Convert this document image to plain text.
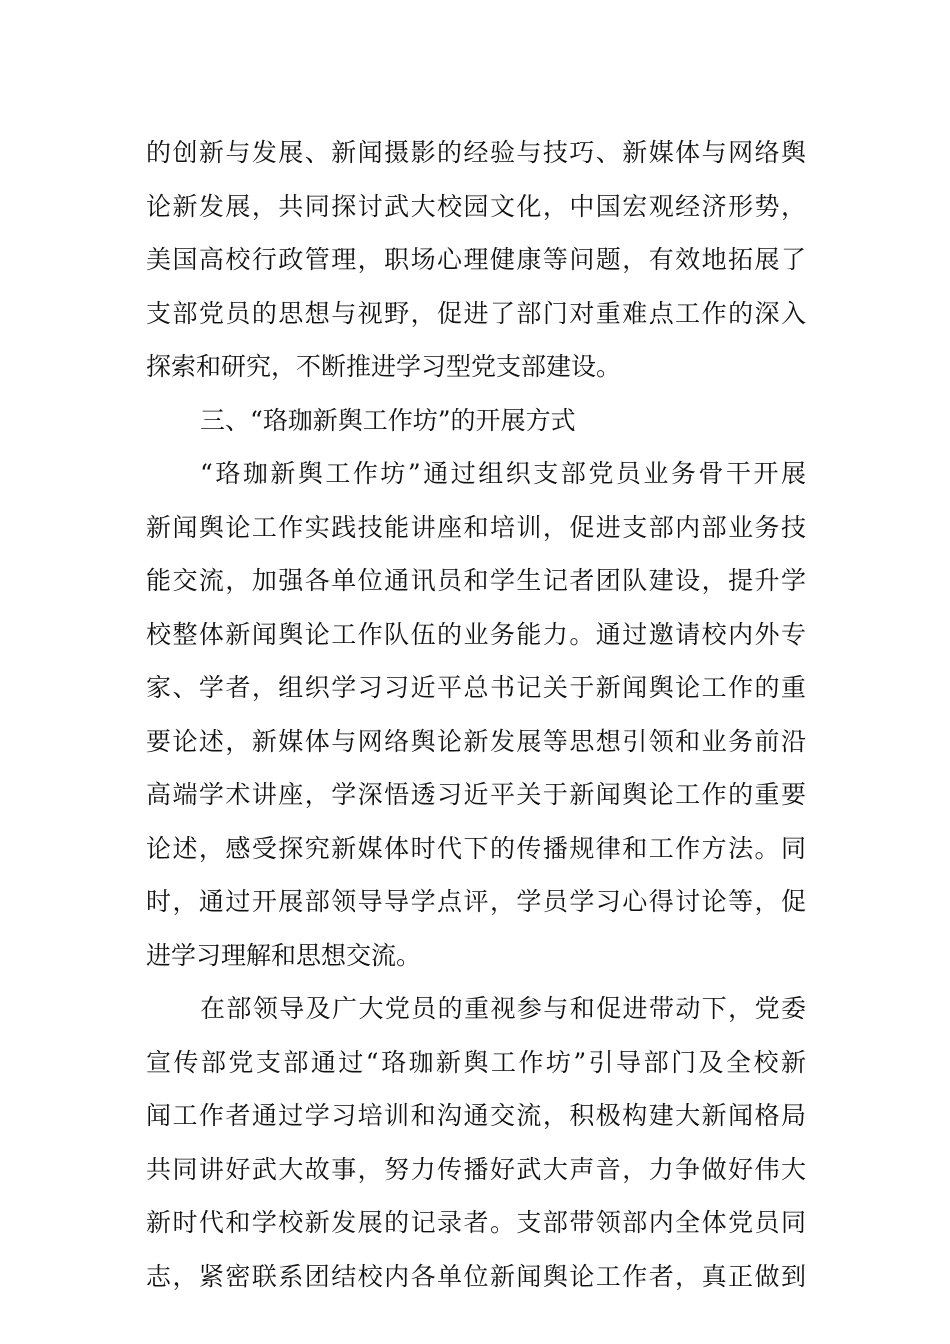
的创新与发展、新闻摄影的经验与技巧、新媒体与网络舆
论新发展，共同探讨武大校园文化，中国宏观经济形势，
美国高校行政管理，职场心理健康等问题，有效地拓展了
支部党员的思想与视野，促进了部门对重难点工作的深入
探索和研究，不断推进学习型党支部建设。
三、“珞珈新舆工作坊”的开展方式
“珞珈新舆工作坊”通过组织支部党员业务骨干开展
新闻舆论工作实践技能讲座和培训，促进支部内部业务技
能交流，加强各单位通讯员和学生记者团队建设，提升学
校整体新闻舆论工作队伍的业务能力。通过邀请校内外专
家、学者，组织学习习近平总书记关于新闻舆论工作的重
要论述，新媒体与网络舆论新发展等思想引领和业务前沿
高端学术讲座，学深悟透习近平关于新闻舆论工作的重要
论述，感受探究新媒体时代下的传播规律和工作方法。同
时，通过开展部领导导学点评，学员学习心得讨论等，促
进学习理解和思想交流。
在部领导及广大党员的重视参与和促进带动下，党委
宣传部党支部通过“珞珈新舆工作坊”引导部门及全校新
闻工作者通过学习培训和沟通交流，积极构建大新闻格局
共同讲好武大故事，努力传播好武大声音，力争做好伟大
新时代和学校新发展的记录者。支部带领部内全体党员同
志，紧密联系团结校内各单位新闻舆论工作者，真正做到
